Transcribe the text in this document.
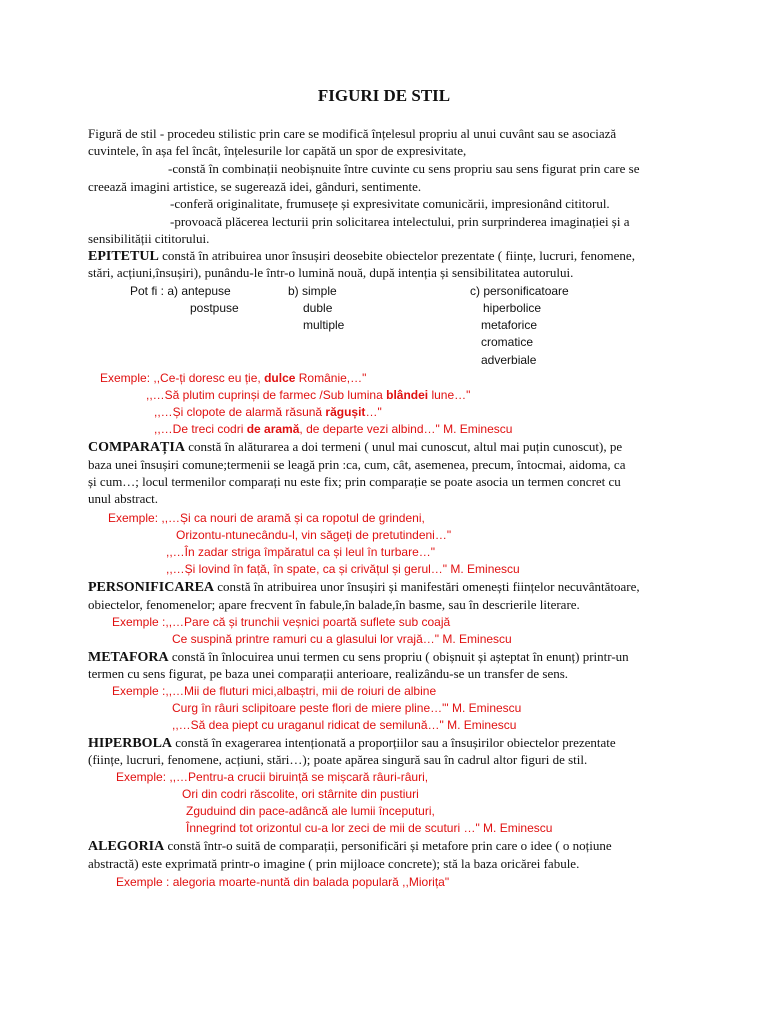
FIGURI DE STIL
Figură de stil - procedeu stilistic prin care se modifică înțelesul propriu al unui cuvânt sau se asociază
cuvintele, în așa fel încât, înțelesurile lor capătă un spor de expresivitate,
-constă în combinații neobișnuite între cuvinte cu sens propriu sau sens figurat prin care se
creează imagini artistice, se sugerează idei, gânduri, sentimente.
-conferă originalitate, frumusețe și expresivitate comunicării, impresionând cititorul.
-provoacă plăcerea lecturii prin solicitarea intelectului, prin surprinderea imaginației și a
sensibilității cititorului.
EPITETUL constă în atribuirea unor însușiri deosebite obiectelor prezentate ( ființe, lucruri, fenomene,
stări, acțiuni,însușiri), punându-le într-o lumină nouă, după intenția și sensibilitatea autorului.
Pot fi : a) antepuse
postpuse
b) simple
duble
multiple
c) personificatoare
hiperbolice
metaforice
cromatice
adverbiale
Exemple: ,,Ce-ți doresc eu ție, dulce Românie,…"
,,…Să plutim cuprinși de farmec /Sub lumina blândei lune…"
,,…Și clopote de alarmă răsună răgușit…"
,,…De treci codri de aramă, de departe vezi albind…" M. Eminescu
COMPARAȚIA constă în alăturarea a doi termeni ( unul mai cunoscut, altul mai puțin cunoscut), pe
baza unei însușiri comune;termenii se leagă prin :ca, cum, cât, asemenea, precum, întocmai, aidoma, ca
și cum…; locul termenilor comparați nu este fix; prin comparație se poate asocia un termen concret cu
unul abstract.
Exemple: ,,…Și ca nouri de aramă și ca ropotul de grindeni,
Orizontu-ntunecându-l, vin săgeți de pretutindeni…"
,,…În zadar striga împăratul ca și leul în turbare…"
,,…Și lovind în față, în spate, ca și crivățul și gerul…" M. Eminescu
PERSONIFICAREA constă în atribuirea unor însușiri și manifestări omenești ființelor necuvântătoare,
obiectelor, fenomenelor; apare frecvent în fabule,în balade,în basme, sau în descrierile literare.
Exemple :,,…Pare că și trunchii veșnici poartă suflete sub coajă
Ce suspină printre ramuri cu a glasului lor vrajă…" M. Eminescu
METAFORA constă în înlocuirea unui termen cu sens propriu ( obișnuit și așteptat în enunț) printr-un
termen cu sens figurat, pe baza unei comparații anterioare, realizându-se un transfer de sens.
Exemple :,,…Mii de fluturi mici,albaștri, mii de roiuri de albine
Curg în râuri sclipitoare peste flori de miere pline…"' M. Eminescu
,,…Să dea piept cu uraganul ridicat de semilună…" M. Eminescu
HIPERBOLA constă în exagerarea intenționată a proporțiilor sau a însușirilor obiectelor prezentate
(ființe, lucruri, fenomene, acțiuni, stări…); poate apărea singură sau în cadrul altor figuri de stil.
Exemple: ,,…Pentru-a crucii biruință se mișcară râuri-râuri,
Ori din codri răscolite, ori stârnite din pustiuri
Zguduind din pace-adâncă ale lumii începuturi,
Înnegrind tot orizontul cu-a lor zeci de mii de scuturi …" M. Eminescu
ALEGORIA constă într-o suită de comparații, personificări și metafore prin care o idee ( o noțiune
abstractă) este exprimată printr-o imagine ( prin mijloace concrete); stă la baza oricărei fabule.
Exemple : alegoria moarte-nuntă din balada populară ,,Miorița"
